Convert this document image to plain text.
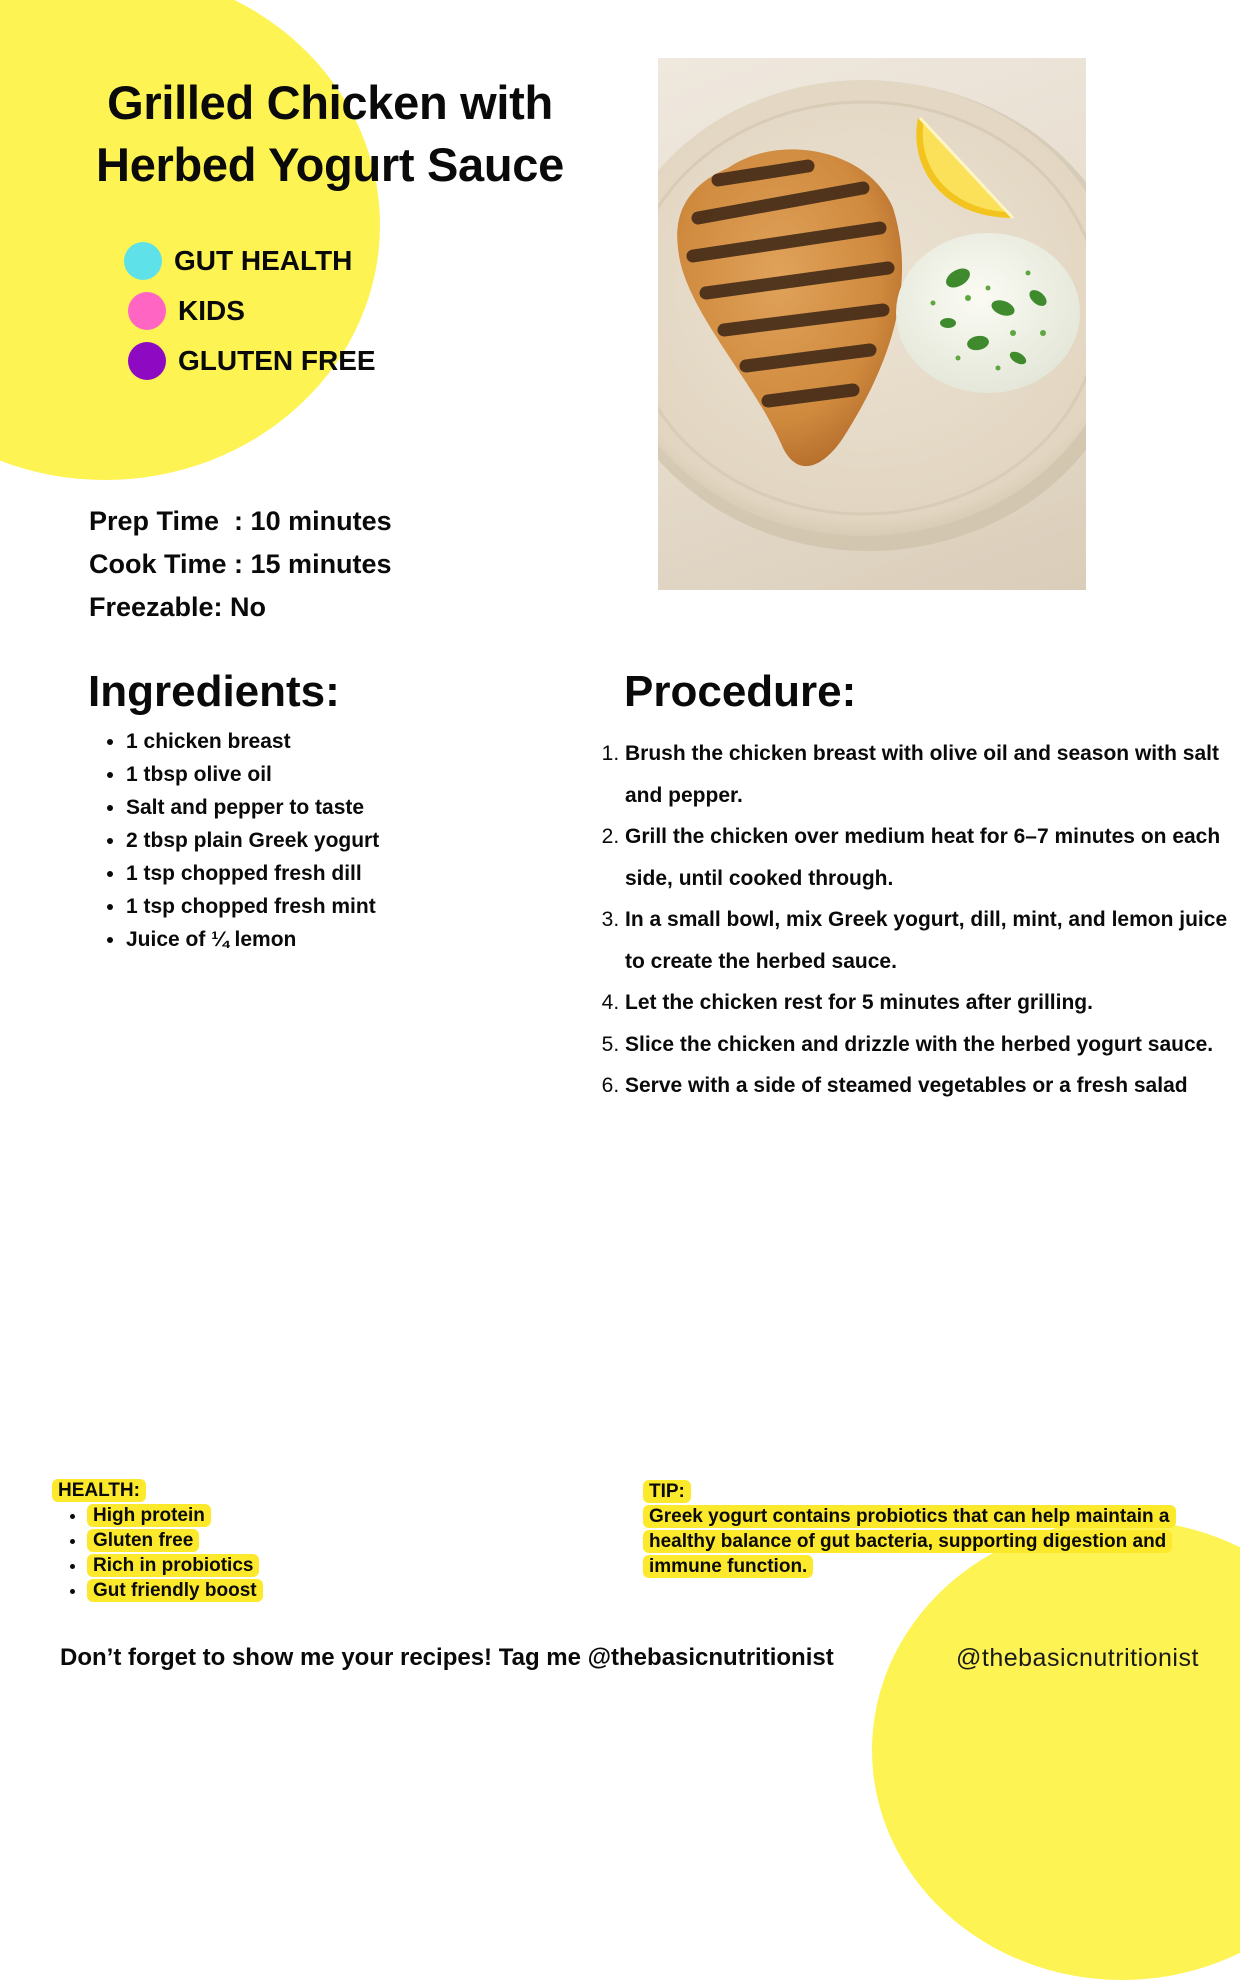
Grilled Chicken with
Herbed Yogurt Sauce
GUT HEALTH
KIDS
GLUTEN FREE
Prep Time  : 10 minutes
Cook Time : 15 minutes
Freezable: No
Ingredients:
• 1 chicken breast
• 1 tbsp olive oil
• Salt and pepper to taste
• 2 tbsp plain Greek yogurt
• 1 tsp chopped fresh dill
• 1 tsp chopped fresh mint
• Juice of ¼ lemon
Procedure:
1. Brush the chicken breast with olive oil and season with salt and pepper.
2. Grill the chicken over medium heat for 6–7 minutes on each side, until cooked through.
3. In a small bowl, mix Greek yogurt, dill, mint, and lemon juice to create the herbed sauce.
4. Let the chicken rest for 5 minutes after grilling.
5. Slice the chicken and drizzle with the herbed yogurt sauce.
6. Serve with a side of steamed vegetables or a fresh salad
HEALTH:
• High protein
• Gluten free
• Rich in probiotics
• Gut friendly boost
TIP:

Greek yogurt contains probiotics that can help maintain a healthy balance of gut bacteria, supporting digestion and immune function.

Don’t forget to show me your recipes! Tag me @thebasicnutritionist	@thebasicnutritionist
